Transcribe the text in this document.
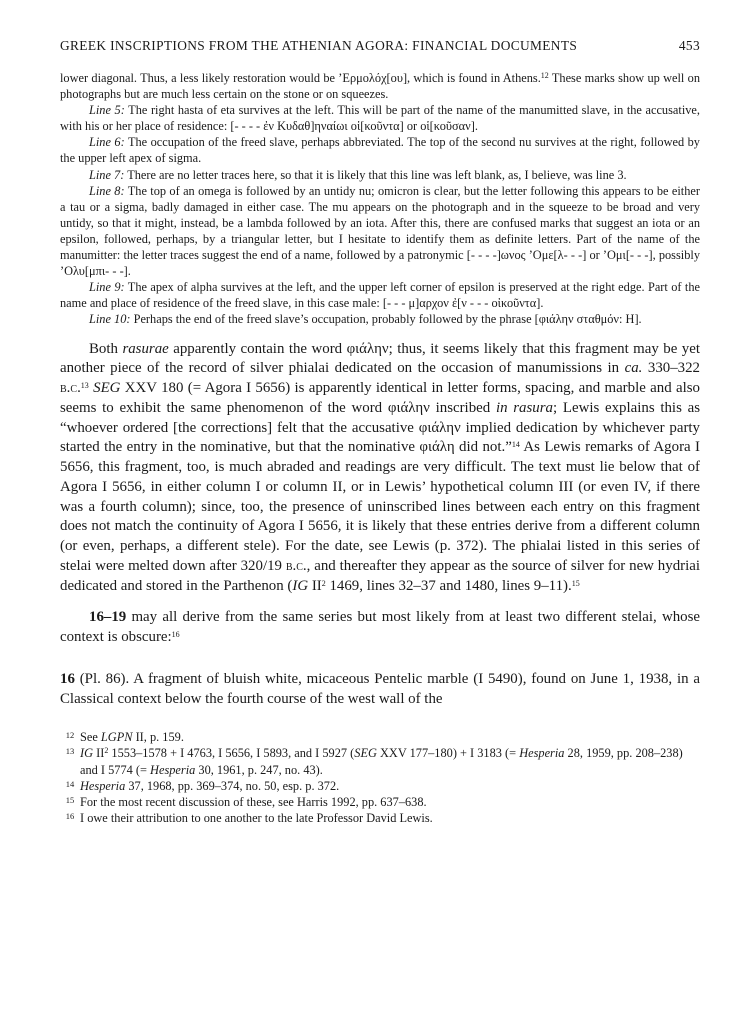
GREEK INSCRIPTIONS FROM THE ATHENIAN AGORA: FINANCIAL DOCUMENTS	453

lower diagonal. Thus, a less likely restoration would be ’Ερμολόχ[ου], which is found in Athens.$^{12}$ These marks show up well on photographs but are much less certain on the stone or on squeezes.

Line 5: The right hasta of eta survives at the left. This will be part of the name of the manumitted slave, in the accusative, with his or her place of residence: [- - - - ἐν Κυδαθ]ηναίωι οἱ[κοῦντα] or οἱ[κοῦσαν].

Line 6: The occupation of the freed slave, perhaps abbreviated. The top of the second nu survives at the right, followed by the upper left apex of sigma.

Line 7: There are no letter traces here, so that it is likely that this line was left blank, as, I believe, was line 3.

Line 8: The top of an omega is followed by an untidy nu; omicron is clear, but the letter following this appears to be either a tau or a sigma, badly damaged in either case. The mu appears on the photograph and in the squeeze to be broad and very untidy, so that it might, instead, be a lambda followed by an iota. After this, there are confused marks that suggest an iota or an epsilon, followed, perhaps, by a triangular letter, but I hesitate to identify them as definite letters. Part of the name of the manumitter: the letter traces suggest the end of a name, followed by a patronymic [- - - -]ωνος ’Ομε[λ- - -] or ’Ομι[- - -], possibly ’Ολυ[μπι- - -].

Line 9: The apex of alpha survives at the left, and the upper left corner of epsilon is preserved at the right edge. Part of the name and place of residence of the freed slave, in this case male: [- - - μ]αρχον ἐ[ν - - - οἰκοῦντα].

Line 10: Perhaps the end of the freed slave’s occupation, probably followed by the phrase [φιάλην σταθμόν: Η].

Both rasurae apparently contain the word φιάλην; thus, it seems likely that this fragment may be yet another piece of the record of silver phialai dedicated on the occasion of manumissions in ca. 330–322 b.c.$^{13}$ SEG XXV 180 (= Agora I 5656) is apparently identical in letter forms, spacing, and marble and also seems to exhibit the same phenomenon of the word φιάλην inscribed in rasura; Lewis explains this as “whoever ordered [the corrections] felt that the accusative φιάλην implied dedication by whichever party started the entry in the nominative, but that the nominative φιάλη did not.”$^{14}$ As Lewis remarks of Agora I 5656, this fragment, too, is much abraded and readings are very difficult. The text must lie below that of Agora I 5656, in either column I or column II, or in Lewis’ hypothetical column III (or even IV, if there was a fourth column); since, too, the presence of uninscribed lines between each entry on this fragment does not match the continuity of Agora I 5656, it is likely that these entries derive from a different column (or even, perhaps, a different stele). For the date, see Lewis (p. 372). The phialai listed in this series of stelai were melted down after 320/19 b.c., and thereafter they appear as the source of silver for new hydriai dedicated and stored in the Parthenon (IG $II^2$ 1469, lines 32–37 and 1480, lines 9–11).$^{15}$

16–19 may all derive from the same series but most likely from at least two different stelai, whose context is obscure:$^{16}$

16 (Pl. 86). A fragment of bluish white, micaceous Pentelic marble (I 5490), found on June 1, 1938, in a Classical context below the fourth course of the west wall of the

12 See LGPN II, p. 159.

13 IG $II^2$ 1553–1578 + I 4763, I 5656, I 5893, and I 5927 (SEG XXV 177–180) + I 3183 (= Hesperia 28, 1959, pp. 208–238) and I 5774 (= Hesperia 30, 1961, p. 247, no. 43).

14 Hesperia 37, 1968, pp. 369–374, no. 50, esp. p. 372.

15 For the most recent discussion of these, see Harris 1992, pp. 637–638.

16 I owe their attribution to one another to the late Professor David Lewis.
